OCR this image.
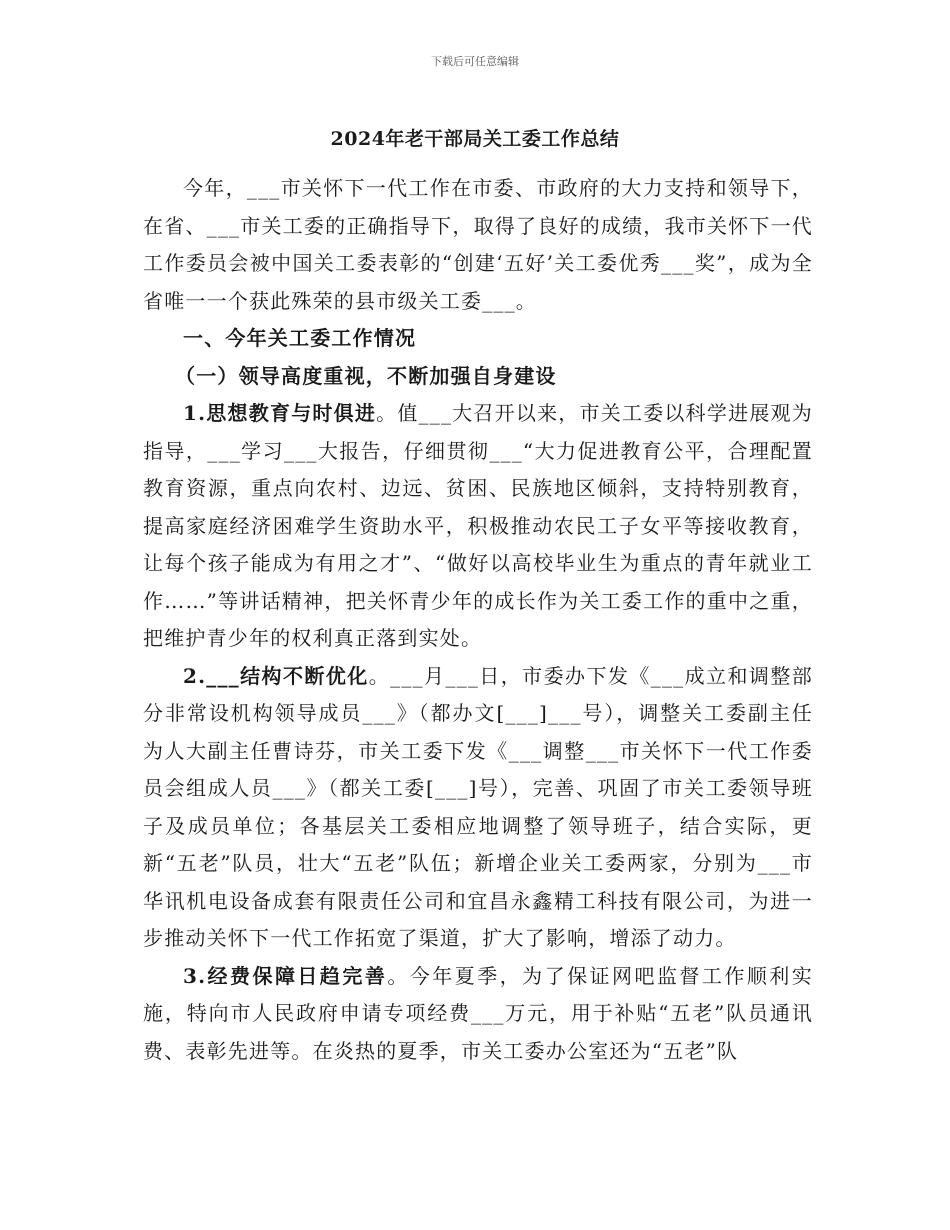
下载后可任意编辑
2024年老干部局关工委工作总结

今年，___市关怀下一代工作在市委、市政府的大力支持和领导下，在省、___市关工委的正确指导下，取得了良好的成绩，我市关怀下一代工作委员会被中国关工委表彰的“创建‘五好’关工委优秀___奖”，成为全省唯一一个获此殊荣的县市级关工委___。

一、今年关工委工作情况

（一）领导高度重视，不断加强自身建设

1.思想教育与时俱进。值___大召开以来，市关工委以科学进展观为指导，___学习___大报告，仔细贯彻___“大力促进教育公平，合理配置教育资源，重点向农村、边远、贫困、民族地区倾斜，支持特别教育，提高家庭经济困难学生资助水平，积极推动农民工子女平等接收教育，让每个孩子能成为有用之才”、“做好以高校毕业生为重点的青年就业工作……”等讲话精神，把关怀青少年的成长作为关工委工作的重中之重，把维护青少年的权利真正落到实处。

2.___结构不断优化。___月___日，市委办下发《___成立和调整部分非常设机构领导成员___》（都办文[___]___号），调整关工委副主任为人大副主任曹诗芬，市关工委下发《___调整___市关怀下一代工作委员会组成人员___》（都关工委[___]号），完善、巩固了市关工委领导班子及成员单位；各基层关工委相应地调整了领导班子，结合实际，更新“五老”队员，壮大“五老”队伍；新增企业关工委两家，分别为___市华讯机电设备成套有限责任公司和宜昌永鑫精工科技有限公司，为进一步推动关怀下一代工作拓宽了渠道，扩大了影响，增添了动力。

3.经费保障日趋完善。今年夏季，为了保证网吧监督工作顺利实施，特向市人民政府申请专项经费___万元，用于补贴“五老”队员通讯费、表彰先进等。在炎热的夏季，市关工委办公室还为“五老”队
